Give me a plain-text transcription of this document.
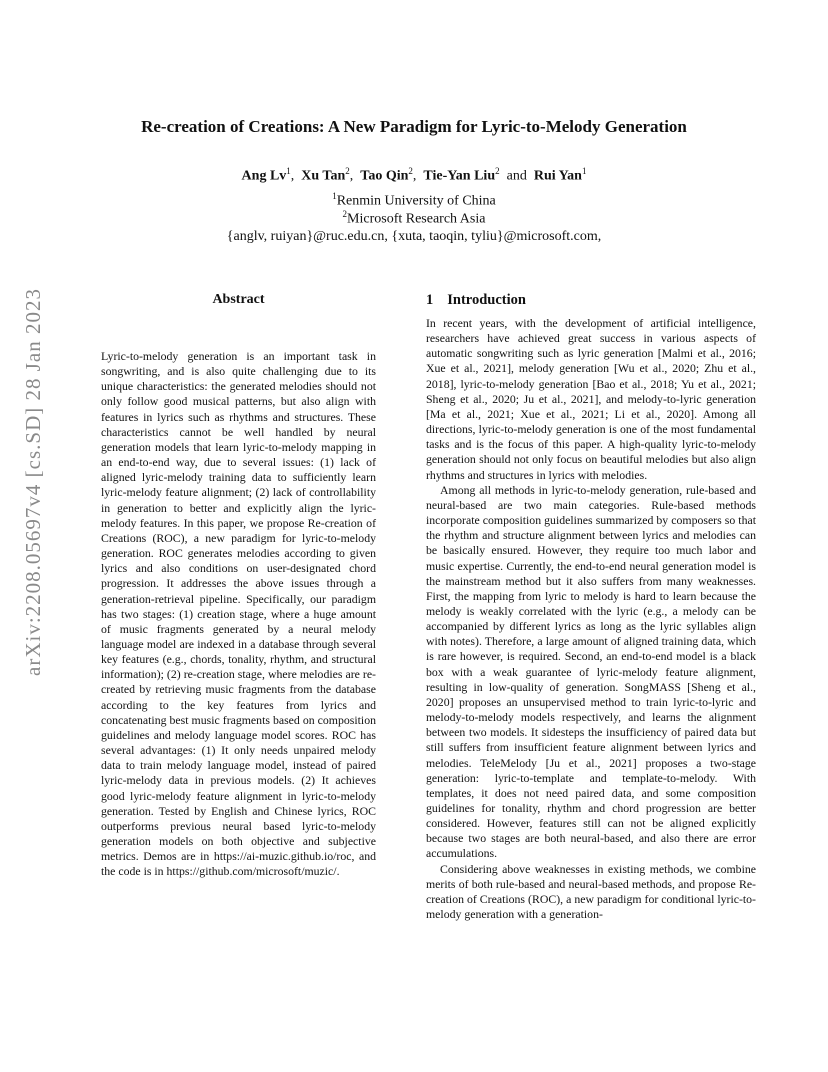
arXiv:2208.05697v4 [cs.SD] 28 Jan 2023
Re-creation of Creations: A New Paradigm for Lyric-to-Melody Generation
Ang Lv$^1$,  Xu Tan$^2$,  Tao Qin$^2$,  Tie-Yan Liu$^2$  and  Rui Yan$^1$
$^1$Renmin University of China
$^2$Microsoft Research Asia
{anglv, ruiyan}@ruc.edu.cn, {xuta, taoqin, tyliu}@microsoft.com,
Abstract

Lyric-to-melody generation is an important task in songwriting, and is also quite challenging due to its unique characteristics: the generated melodies should not only follow good musical patterns, but also align with features in lyrics such as rhythms and structures. These characteristics cannot be well handled by neural generation models that learn lyric-to-melody mapping in an end-to-end way, due to several issues: (1) lack of aligned lyric-melody training data to sufficiently learn lyric-melody feature alignment; (2) lack of controllability in generation to better and explicitly align the lyric-melody features. In this paper, we propose Re-creation of Creations (ROC), a new paradigm for lyric-to-melody generation. ROC generates melodies according to given lyrics and also conditions on user-designated chord progression. It addresses the above issues through a generation-retrieval pipeline. Specifically, our paradigm has two stages: (1) creation stage, where a huge amount of music fragments generated by a neural melody language model are indexed in a database through several key features (e.g., chords, tonality, rhythm, and structural information); (2) re-creation stage, where melodies are re-created by retrieving music fragments from the database according to the key features from lyrics and concatenating best music fragments based on composition guidelines and melody language model scores. ROC has several advantages: (1) It only needs unpaired melody data to train melody language model, instead of paired lyric-melody data in previous models. (2) It achieves good lyric-melody feature alignment in lyric-to-melody generation. Tested by English and Chinese lyrics, ROC outperforms previous neural based lyric-to-melody generation models on both objective and subjective metrics. Demos are in https://ai-muzic.github.io/roc, and the code is in https://github.com/microsoft/muzic/.

1 Introduction

In recent years, with the development of artificial intelligence, researchers have achieved great success in various aspects of automatic songwriting such as lyric generation [Malmi et al., 2016; Xue et al., 2021], melody generation [Wu et al., 2020; Zhu et al., 2018], lyric-to-melody generation [Bao et al., 2018; Yu et al., 2021; Sheng et al., 2020; Ju et al., 2021], and melody-to-lyric generation [Ma et al., 2021; Xue et al., 2021; Li et al., 2020]. Among all directions, lyric-to-melody generation is one of the most fundamental tasks and is the focus of this paper. A high-quality lyric-to-melody generation should not only focus on beautiful melodies but also align rhythms and structures in lyrics with melodies.

Among all methods in lyric-to-melody generation, rule-based and neural-based are two main categories. Rule-based methods incorporate composition guidelines summarized by composers so that the rhythm and structure alignment between lyrics and melodies can be basically ensured. However, they require too much labor and music expertise. Currently, the end-to-end neural generation model is the mainstream method but it also suffers from many weaknesses. First, the mapping from lyric to melody is hard to learn because the melody is weakly correlated with the lyric (e.g., a melody can be accompanied by different lyrics as long as the lyric syllables align with notes). Therefore, a large amount of aligned training data, which is rare however, is required. Second, an end-to-end model is a black box with a weak guarantee of lyric-melody feature alignment, resulting in low-quality of generation. SongMASS [Sheng et al., 2020] proposes an unsupervised method to train lyric-to-lyric and melody-to-melody models respectively, and learns the alignment between two models. It sidesteps the insufficiency of paired data but still suffers from insufficient feature alignment between lyrics and melodies. TeleMelody [Ju et al., 2021] proposes a two-stage generation: lyric-to-template and template-to-melody. With templates, it does not need paired data, and some composition guidelines for tonality, rhythm and chord progression are better considered. However, features still can not be aligned explicitly because two stages are both neural-based, and also there are error accumulations.

Considering above weaknesses in existing methods, we combine merits of both rule-based and neural-based methods, and propose Re-creation of Creations (ROC), a new paradigm for conditional lyric-to-melody generation with a generation-
